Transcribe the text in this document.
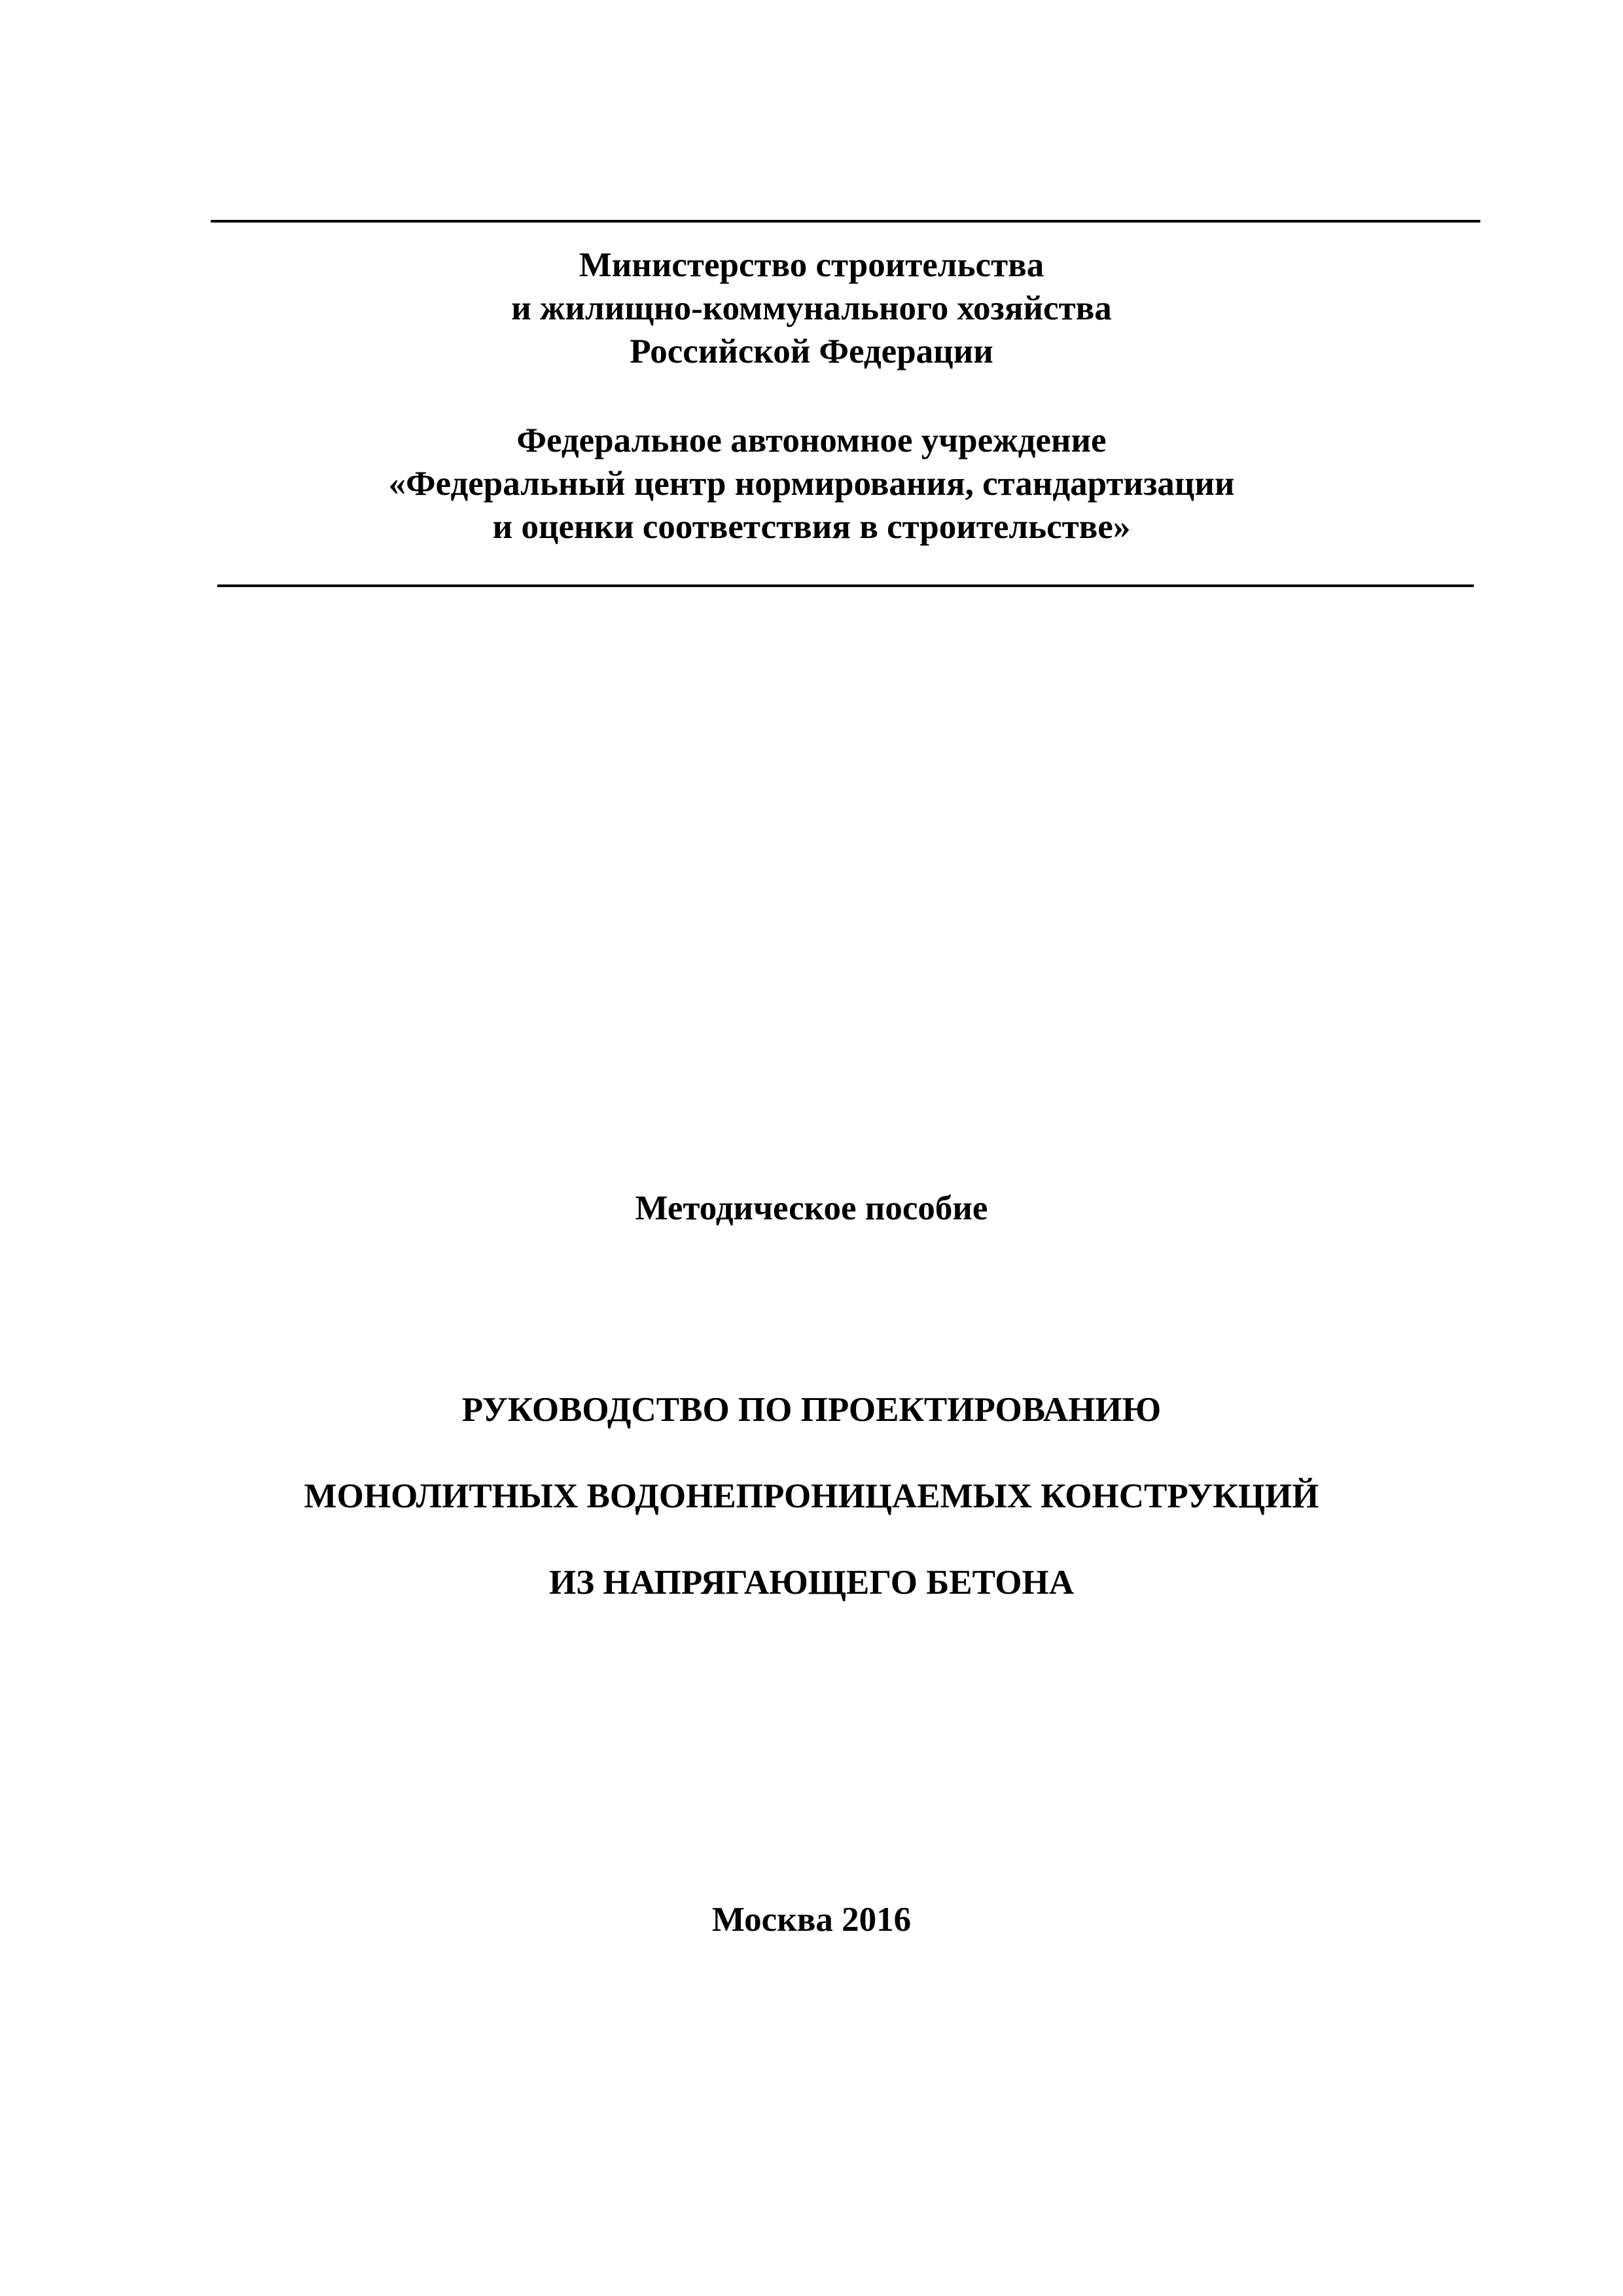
Министерство строительства
и жилищно-коммунального хозяйства
Российской Федерации
Федеральное автономное учреждение
«Федеральный центр нормирования, стандартизации
и оценки соответствия в строительстве»
Методическое пособие
РУКОВОДСТВО ПО ПРОЕКТИРОВАНИЮ
МОНОЛИТНЫХ ВОДОНЕПРОНИЦАЕМЫХ КОНСТРУКЦИЙ
ИЗ НАПРЯГАЮЩЕГО БЕТОНА
Москва 2016
